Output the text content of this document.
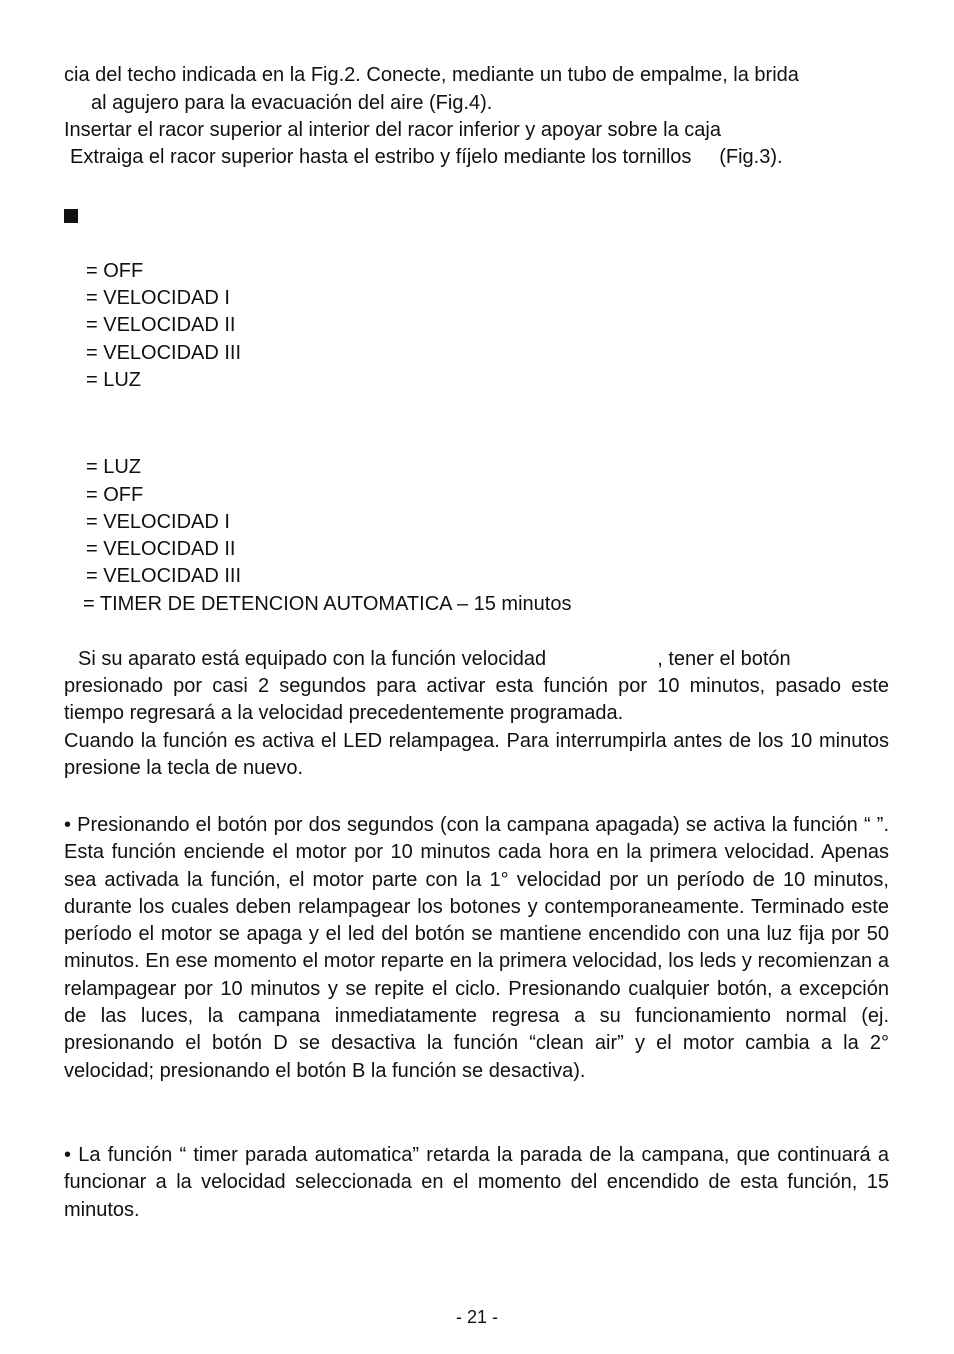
cia del techo indicada en la Fig.2. Conecte, mediante un tubo de empalme, la brida
al agujero para la evacuación del aire (Fig.4).
Insertar el racor superior al interior del racor inferior y apoyar sobre la caja
Extraiga el racor superior hasta el estribo y fíjelo mediante los tornillos     (Fig.3).
= OFF
= VELOCIDAD I
= VELOCIDAD II
= VELOCIDAD III
= LUZ
= LUZ
= OFF
= VELOCIDAD I
= VELOCIDAD II
= VELOCIDAD III
= TIMER DE DETENCION AUTOMATICA – 15 minutos
Si su aparato está equipado con la función velocidad                    , tener el botón

presionado por casi 2 segundos para activar esta función por 10 minutos, pasado este tiempo regresará a la velocidad precedentemente programada.

Cuando la función es activa el LED relampagea. Para interrumpirla antes de los 10 minutos presione la tecla de nuevo.

• Presionando el botón por dos segundos (con la campana apagada) se activa la función “ ”. Esta función enciende el motor por 10 minutos cada hora en la primera velocidad. Apenas sea activada la función, el motor parte con la 1° velocidad por un período de 10 minutos, durante los cuales deben relampagear los botones y contemporaneamente. Terminado este período el motor se apaga y el led del botón se mantiene encendido con una luz fija por 50 minutos. En ese momento el motor reparte en la primera velocidad, los leds y recomienzan a relampagear por 10 minutos y se repite el ciclo. Presionando cualquier botón, a excepción de las luces, la campana inmediatamente regresa a su funcionamiento normal (ej. presionando el botón D se desactiva la función “clean air” y el motor cambia a la 2° velocidad; presionando el botón B la función se desactiva).
• La función “ timer parada automatica” retarda la parada de la campana, que continuará a funcionar a la velocidad seleccionada en el momento del encendido de esta función, 15 minutos.
- 21 -
